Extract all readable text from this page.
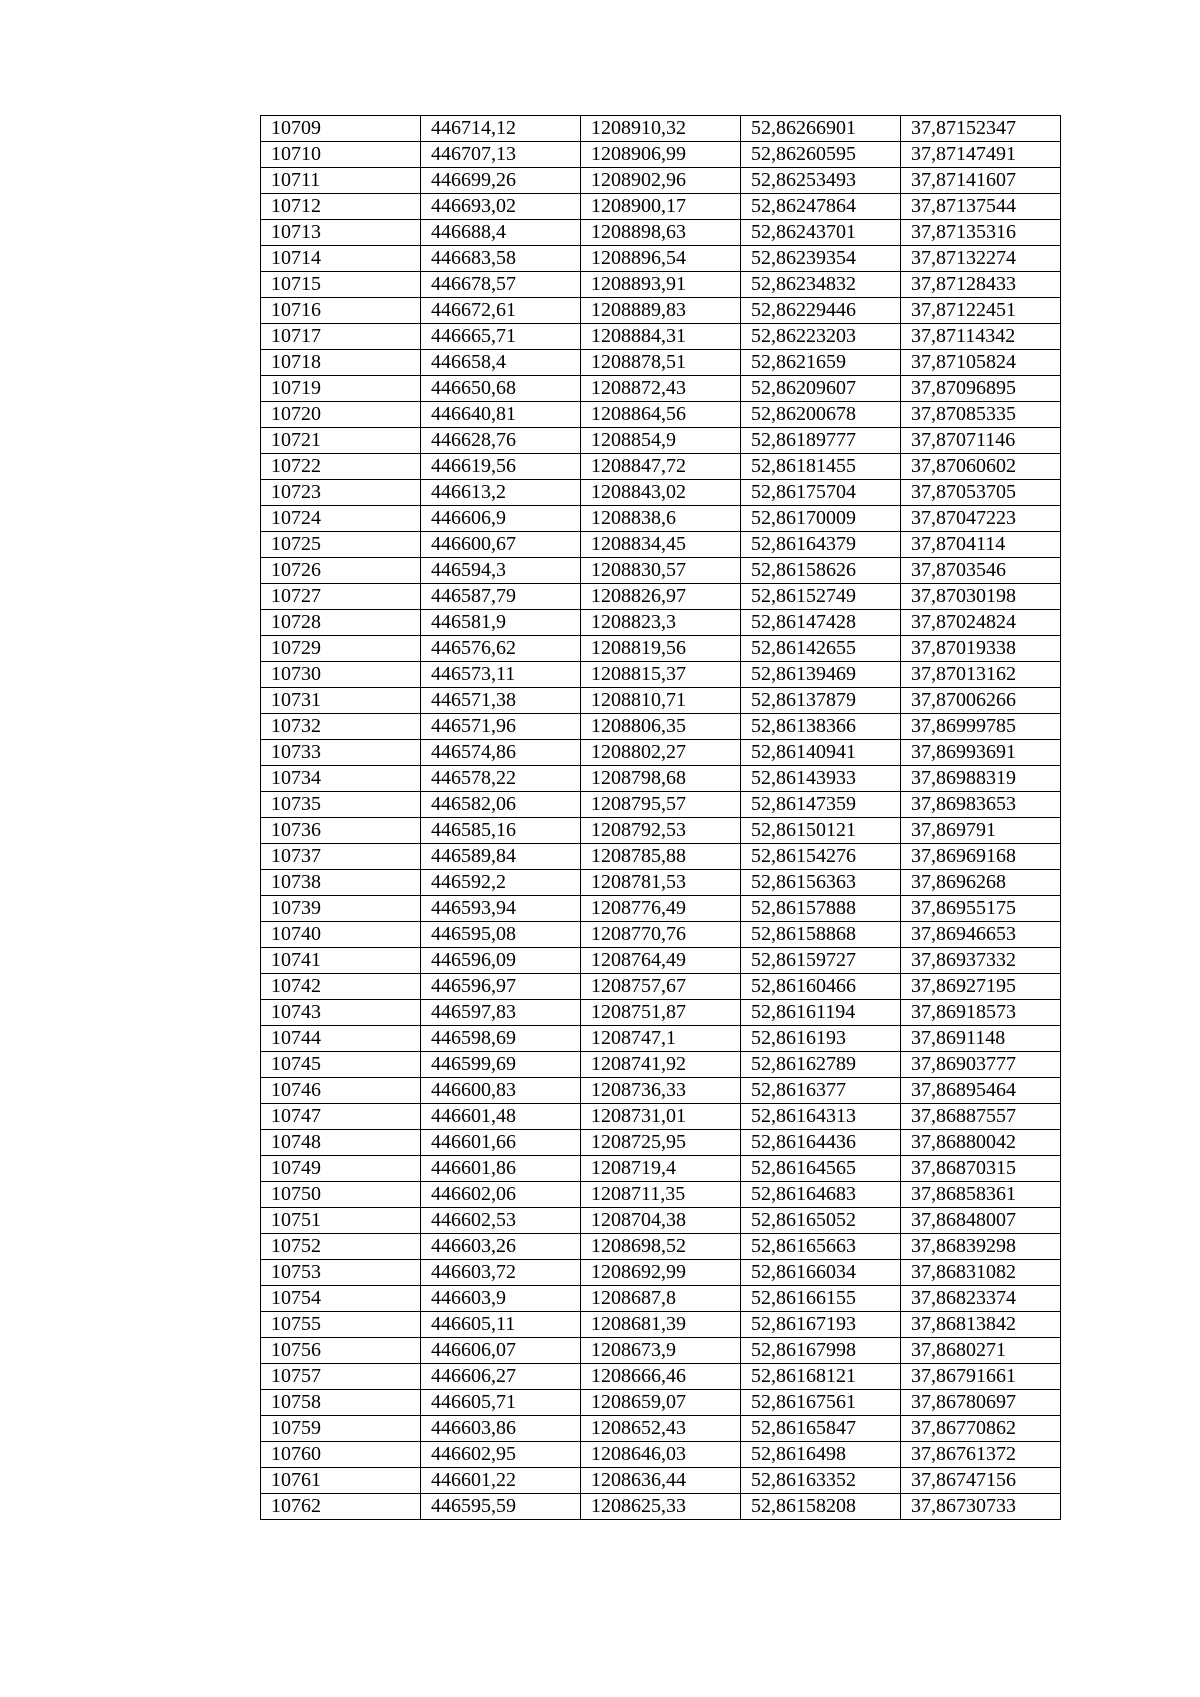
10709	446714,12	1208910,32	52,86266901	37,87152347
10710	446707,13	1208906,99	52,86260595	37,87147491
10711	446699,26	1208902,96	52,86253493	37,87141607
10712	446693,02	1208900,17	52,86247864	37,87137544
10713	446688,4	1208898,63	52,86243701	37,87135316
10714	446683,58	1208896,54	52,86239354	37,87132274
10715	446678,57	1208893,91	52,86234832	37,87128433
10716	446672,61	1208889,83	52,86229446	37,87122451
10717	446665,71	1208884,31	52,86223203	37,87114342
10718	446658,4	1208878,51	52,8621659	37,87105824
10719	446650,68	1208872,43	52,86209607	37,87096895
10720	446640,81	1208864,56	52,86200678	37,87085335
10721	446628,76	1208854,9	52,86189777	37,87071146
10722	446619,56	1208847,72	52,86181455	37,87060602
10723	446613,2	1208843,02	52,86175704	37,87053705
10724	446606,9	1208838,6	52,86170009	37,87047223
10725	446600,67	1208834,45	52,86164379	37,8704114
10726	446594,3	1208830,57	52,86158626	37,8703546
10727	446587,79	1208826,97	52,86152749	37,87030198
10728	446581,9	1208823,3	52,86147428	37,87024824
10729	446576,62	1208819,56	52,86142655	37,87019338
10730	446573,11	1208815,37	52,86139469	37,87013162
10731	446571,38	1208810,71	52,86137879	37,87006266
10732	446571,96	1208806,35	52,86138366	37,86999785
10733	446574,86	1208802,27	52,86140941	37,86993691
10734	446578,22	1208798,68	52,86143933	37,86988319
10735	446582,06	1208795,57	52,86147359	37,86983653
10736	446585,16	1208792,53	52,86150121	37,869791
10737	446589,84	1208785,88	52,86154276	37,86969168
10738	446592,2	1208781,53	52,86156363	37,8696268
10739	446593,94	1208776,49	52,86157888	37,86955175
10740	446595,08	1208770,76	52,86158868	37,86946653
10741	446596,09	1208764,49	52,86159727	37,86937332
10742	446596,97	1208757,67	52,86160466	37,86927195
10743	446597,83	1208751,87	52,86161194	37,86918573
10744	446598,69	1208747,1	52,8616193	37,8691148
10745	446599,69	1208741,92	52,86162789	37,86903777
10746	446600,83	1208736,33	52,8616377	37,86895464
10747	446601,48	1208731,01	52,86164313	37,86887557
10748	446601,66	1208725,95	52,86164436	37,86880042
10749	446601,86	1208719,4	52,86164565	37,86870315
10750	446602,06	1208711,35	52,86164683	37,86858361
10751	446602,53	1208704,38	52,86165052	37,86848007
10752	446603,26	1208698,52	52,86165663	37,86839298
10753	446603,72	1208692,99	52,86166034	37,86831082
10754	446603,9	1208687,8	52,86166155	37,86823374
10755	446605,11	1208681,39	52,86167193	37,86813842
10756	446606,07	1208673,9	52,86167998	37,8680271
10757	446606,27	1208666,46	52,86168121	37,86791661
10758	446605,71	1208659,07	52,86167561	37,86780697
10759	446603,86	1208652,43	52,86165847	37,86770862
10760	446602,95	1208646,03	52,8616498	37,86761372
10761	446601,22	1208636,44	52,86163352	37,86747156
10762	446595,59	1208625,33	52,86158208	37,86730733
